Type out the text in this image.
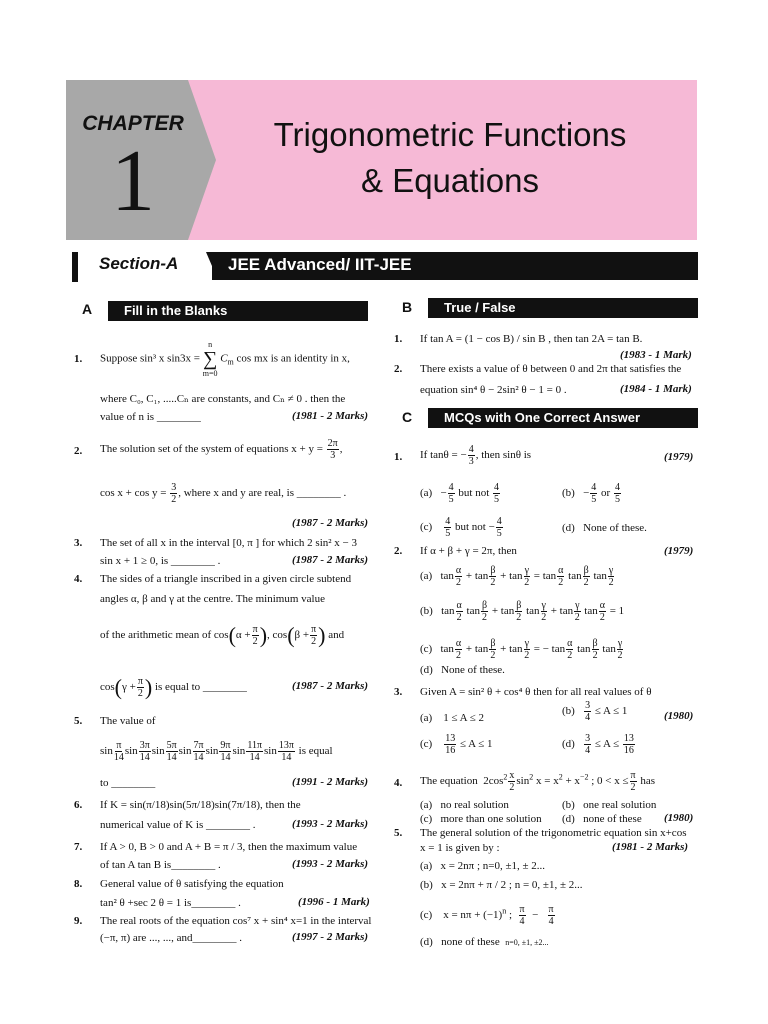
CHAPTER
1	Trigonometric Functions
& Equations
Section-A	JEE Advanced/ IIT-JEE
A	Fill in the Blanks	B	True / False
C	MCQs with One Correct Answer
1. Suppose sin³ x sin3x =
n
∑
m=0
$C_m$ cos mx is an identity in x,
where C₀, C₁, .....Cₙ are constants, and Cₙ ≠ 0 . then the
value of n is ________	(1981 - 2 Marks)
2. The solution set of the system of equations $x + y = \frac{2\pi}{3}$ ,
$\cos x + \cos y = \frac{3}{2}$ , where x and y are real, is ________ .
(1987 - 2 Marks)
3. The set of all x in the interval [0, π ] for which 2 sin² x − 3
sin x + 1 ≥ 0, is ________ .	(1987 - 2 Marks)
4. The sides of a triangle inscribed in a given circle subtend
angles α, β and γ at the centre. The minimum value
of the arithmetic mean of $\cos(\alpha + \frac{\pi}{2}$ ), $\cos(\beta + \frac{\pi}{2}$ ) and
$\cos(\gamma + \frac{\pi}{2}$ ) is equal to ________	(1987 - 2 Marks)
5. The value of
$\sin \frac{\pi}{14}$ $\sin \frac{3\pi}{14}$ $\sin \frac{5\pi}{14}$ $\sin \frac{7\pi}{14}$ $\sin \frac{9\pi}{14}$ $\sin \frac{11\pi}{14}$ $\sin \frac{13\pi}{14}$ is equal
to ________	(1991 - 2 Marks)
6. If K = sin(π/18)sin(5π/18)sin(7π/18), then the
numerical value of K is ________ .	(1993 - 2 Marks)
7. If A > 0, B > 0 and A + B = π / 3, then the maximum value
of tan A tan B is________ .	(1993 - 2 Marks)
8. General value of θ satisfying the equation
tan² θ +sec 2 θ = 1 is________ .	(1996 - 1 Mark)
9. The real roots of the equation cos⁷ x + sin⁴ x=1 in the interval
(−π, π) are ..., ..., and________ .	(1997 - 2 Marks)
1. If tan A = (1 − cos B) / sin B , then tan 2A = tan B.
(1983 - 1 Mark)
2. There exists a value of θ between 0 and 2π that satisfies the
equation sin⁴ θ − 2sin² θ − 1 = 0 .	(1984 - 1 Mark)
1. If tanθ = − $\frac{4}{3}$ , then sinθ is	(1979)
$(a) - \frac{4}{5}$ but not $\frac{4}{5}$	$(b) - \frac{4}{5}$ or $\frac{4}{5}$
$(c) \frac{4}{5}$ but not − $\frac{4}{5}$	(d)   None of these.
2. If α + β + γ = 2π, then	(1979)
(a)   $\tan \frac{\alpha}{2} + \tan \frac{\beta}{2} + \tan \frac{\gamma}{2} = \tan \frac{\alpha}{2}$ $\tan \frac{\beta}{2}$ $\tan \frac{\gamma}{2}$
(b)   $\tan \frac{\alpha}{2}$ $\tan \frac{\beta}{2} + \tan \frac{\beta}{2}$ $\tan \frac{\gamma}{2} + \tan \frac{\gamma}{2}$ $\tan \frac{\alpha}{2} = 1$
(c)   $\tan \frac{\alpha}{2} + \tan \frac{\beta}{2} + \tan \frac{\gamma}{2}$ = − $\tan \frac{\alpha}{2}$ $\tan \frac{\beta}{2}$ $\tan \frac{\gamma}{2}$
(d)   None of these.
3. Given A = sin² θ + cos⁴ θ then for all real values of θ
(a)    1 ≤ A ≤ 2
$(b) \frac{3}{4} \le A \le 1$	(1980)
$(c) \frac{13}{16} \le A \le 1$	$(d) \frac{3}{4} \le A \le \frac{13}{16}$
4. The equation  $2\cos^2 \frac{x}{2} \sin^2 x = x^2 + x^{-2}$ ; $0 < x \le \frac{\pi}{2}$ has
(a)   no real solution	(b)   one real solution
(c)   more than one solution (d)   none of these (1980)
5. The general solution of the trigonometric equation sin x+cos
x = 1 is given by :	(1981 - 2 Marks)
(a)   x = 2nπ ; n=0, ±1, ± 2...
(b)   x = 2nπ + π / 2 ; n = 0, ±1, ± 2...
(c)    $x = n\pi + (-1)^n$ ; $\frac{\pi}{4} - \frac{\pi}{4}$
(d)   none of these n=0, ±1, ±2...
